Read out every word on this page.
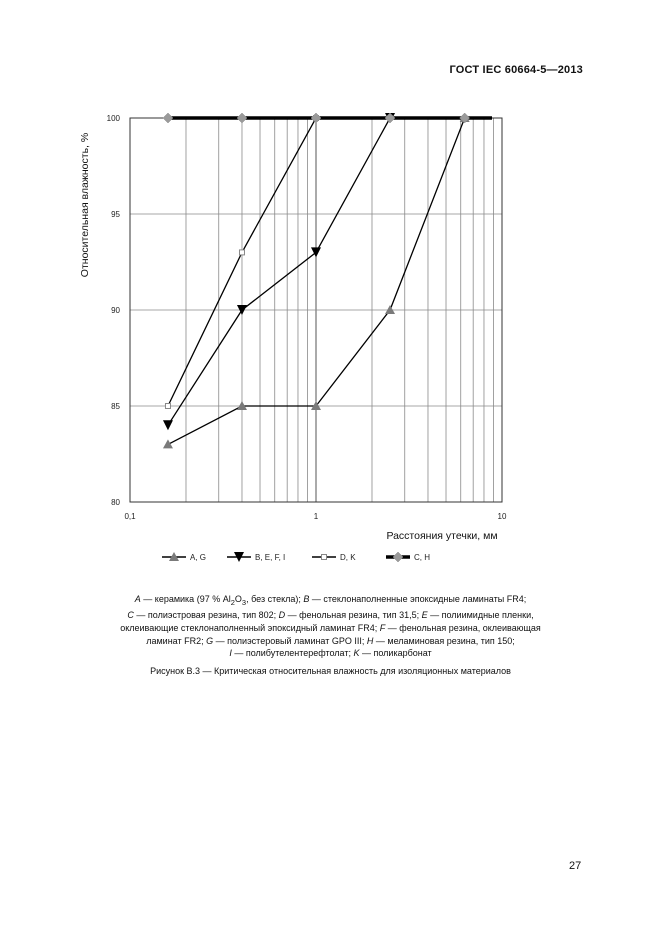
ГОСТ IEC 60664-5—2013
80
85
90
95
100
0,1	1	10
Расстояния утечки, мм
Относительная влажность, %
A, G	B, E, F, I	D, K	C, H
A — керамика (97 % $Al_2O_3$, без стекла); B — стеклонаполненные эпоксидные ламинаты FR4;
C — полиэстровая резина, тип 802; D — фенольная резина, тип 31,5; E — полиимидные пленки,
оклеивающие стеклонаполненный эпоксидный ламинат FR4; F — фенольная резина, оклеивающая
ламинат FR2; G — полиэстеровый ламинат GPO III; H — меламиновая резина, тип 150;
I — полибутелентерефтолат; K — поликарбонат
Рисунок В.3 — Критическая относительная влажность для изоляционных материалов
27
